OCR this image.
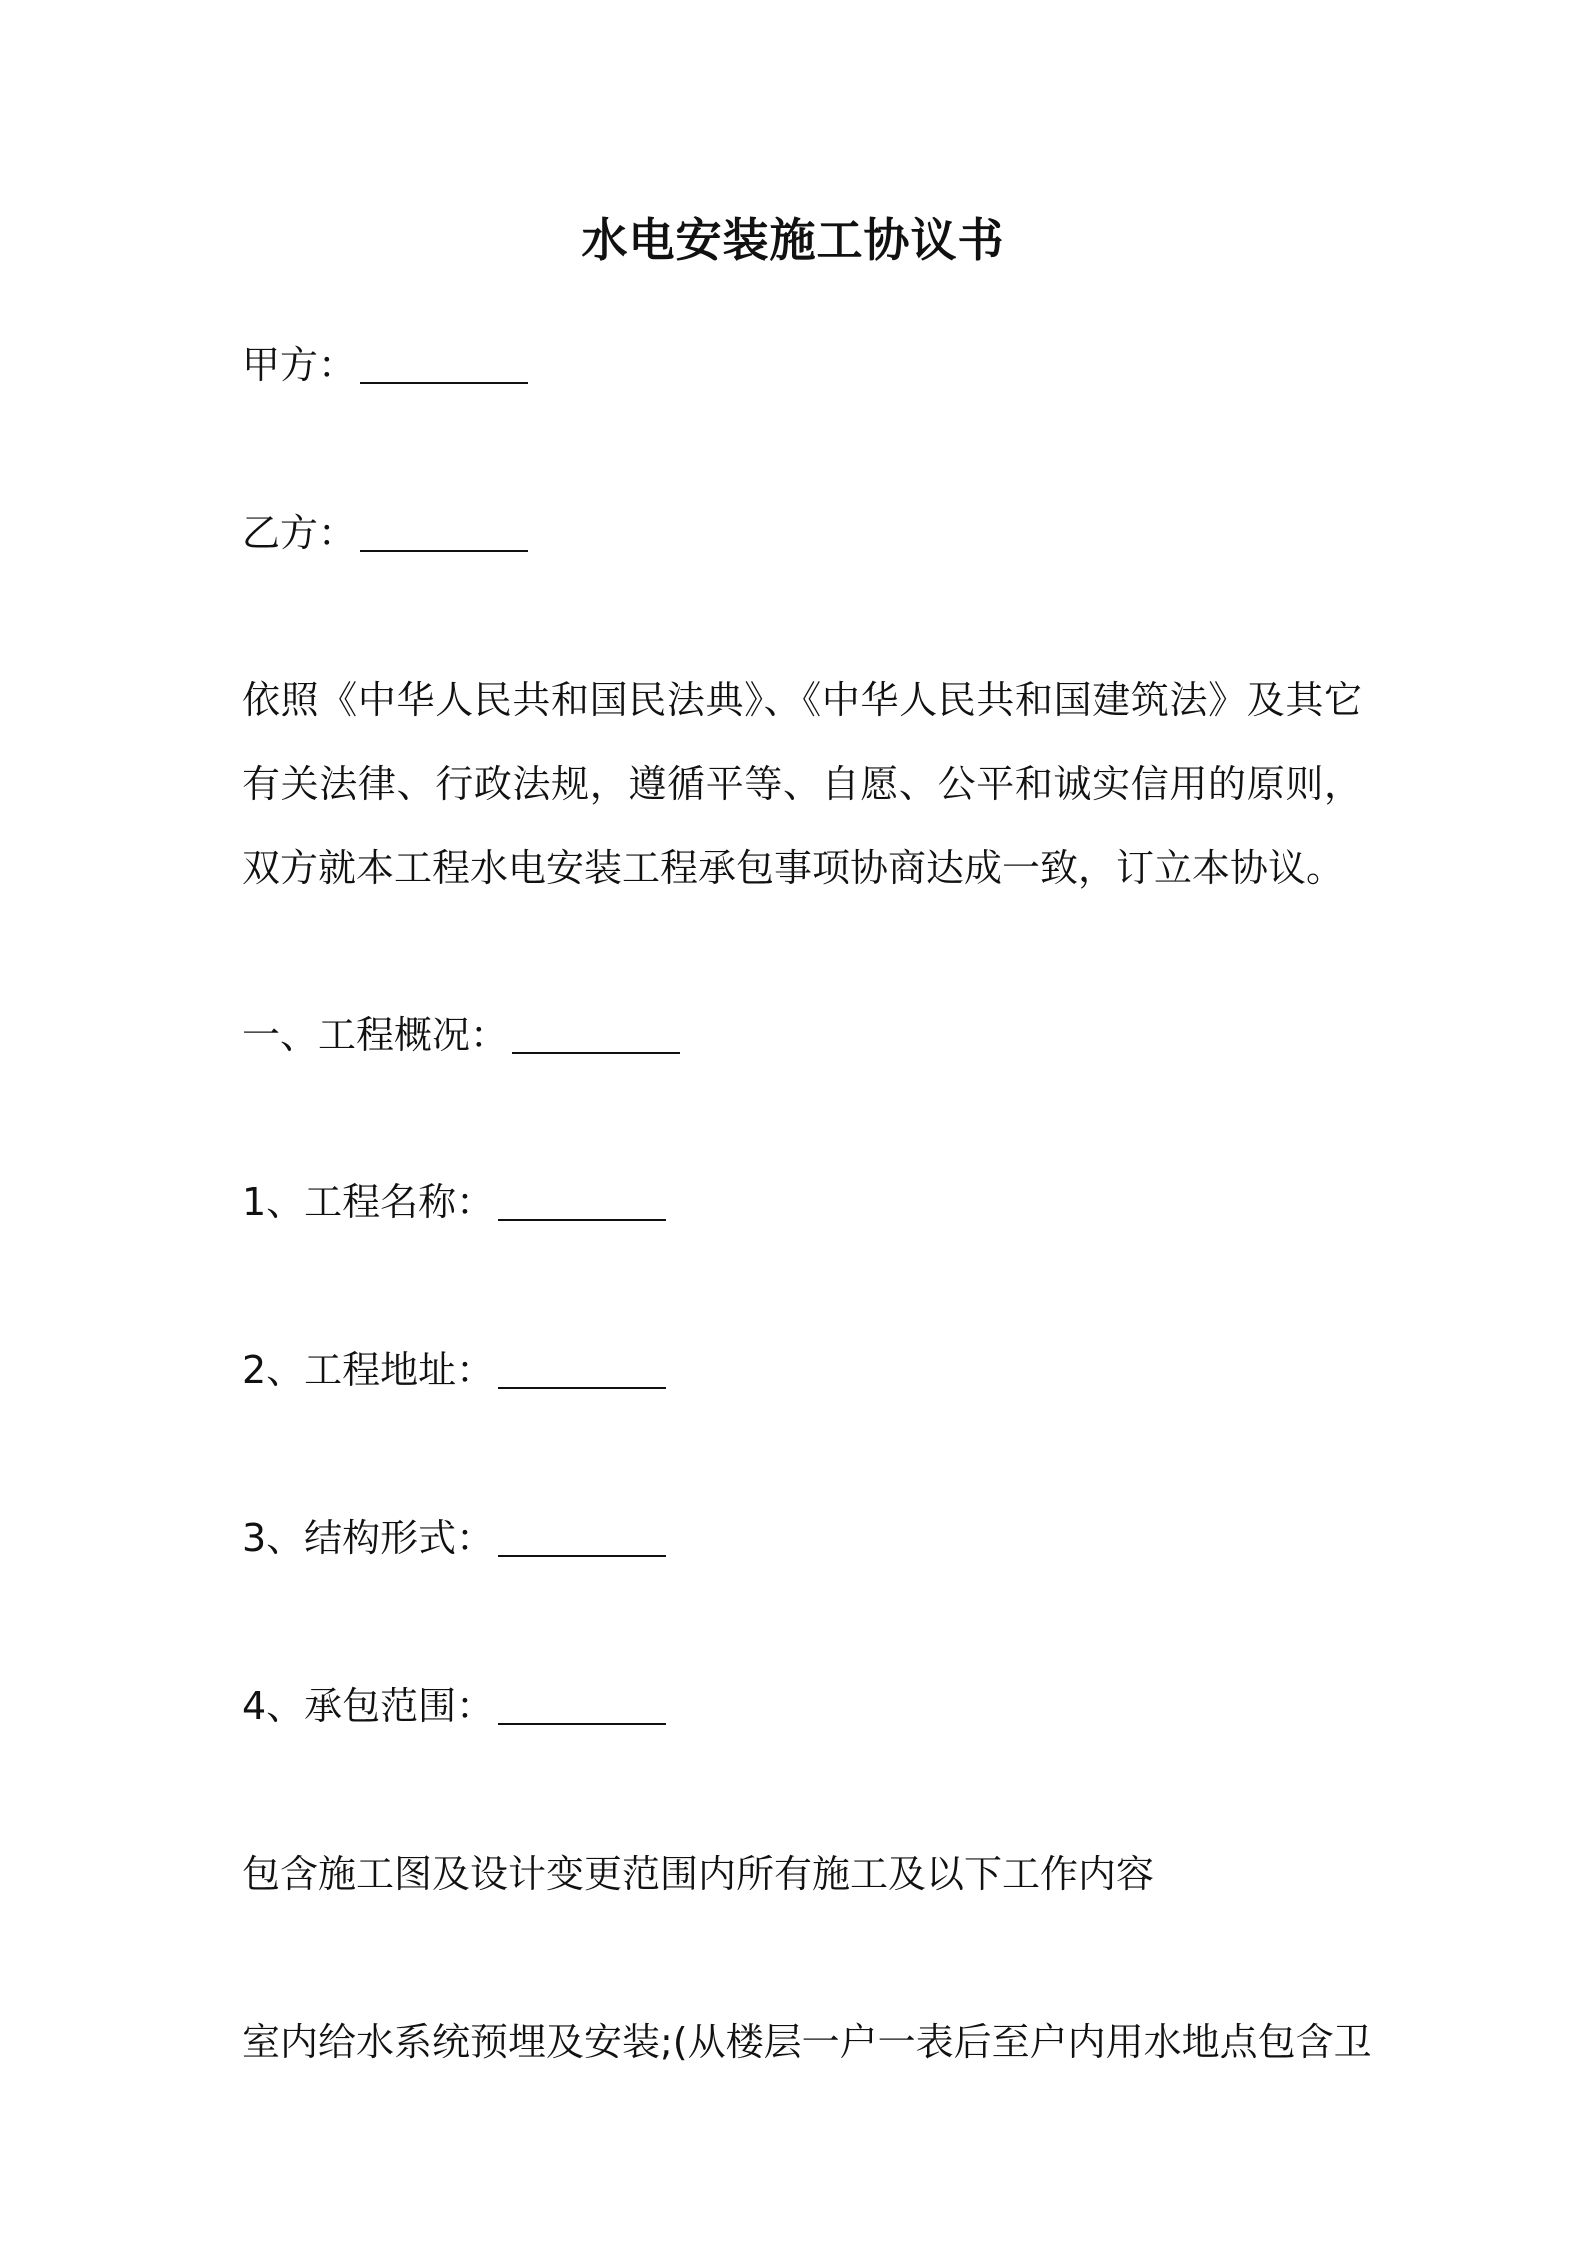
水电安装施工协议书
甲方：
乙方：
依照《中华人民共和国民法典》、《中华人民共和国建筑法》及其它有关法律、行政法规，遵循平等、自愿、公平和诚实信用的原则，双方就本工程水电安装工程承包事项协商达成一致，订立本协议。
一、工程概况：
1、工程名称：
2、工程地址：
3、结构形式：
4、承包范围：
包含施工图及设计变更范围内所有施工及以下工作内容
室内给水系统预埋及安装;(从楼层一户一表后至户内用水地点包含卫
